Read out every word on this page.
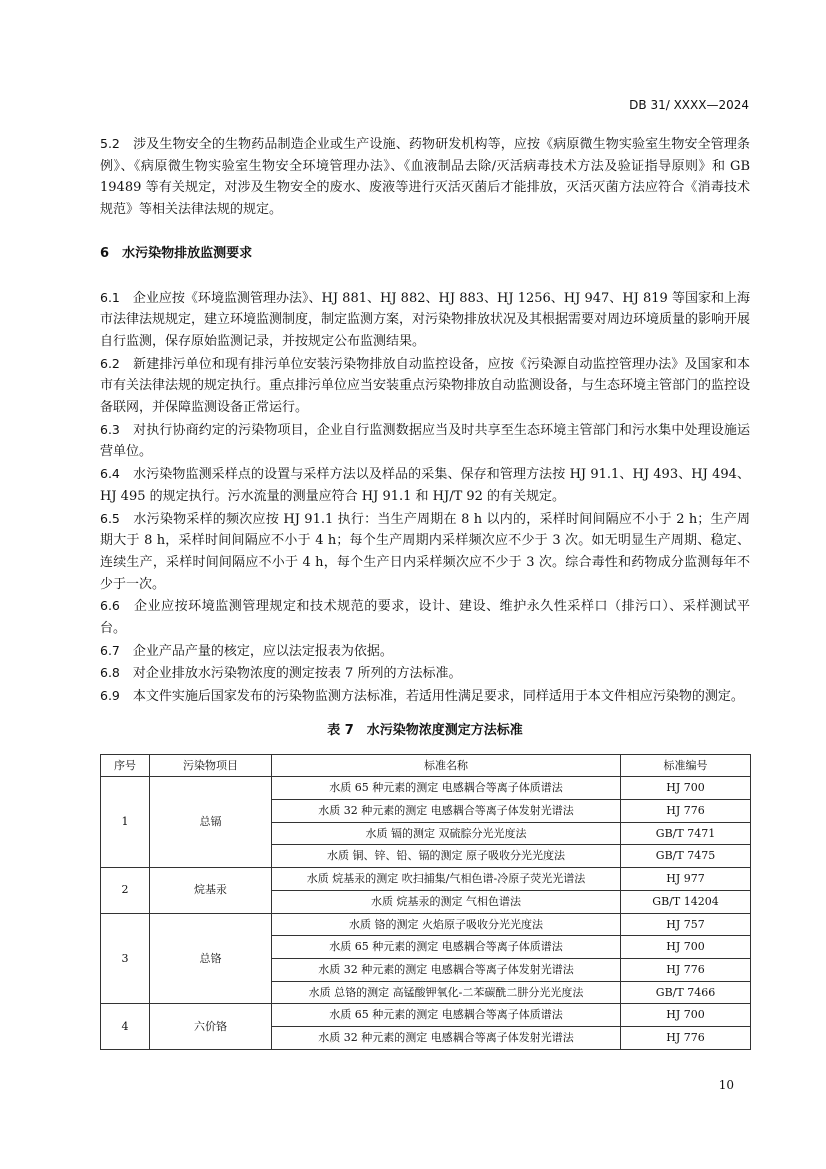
DB 31/ XXXX—2024

5.2　 涉及生物安全的生物药品制造企业或生产设施、药物研发机构等，应按《病原微生物实验室生物安全管理条例》、《病原微生物实验室生物安全环境管理办法》、《血液制品去除/灭活病毒技术方法及验证指导原则》和 GB 19489 等有关规定，对涉及生物安全的废水、废液等进行灭活灭菌后才能排放，灭活灭菌方法应符合《消毒技术规范》等相关法律法规的规定。

6　 水污染物排放监测要求

6.1　 企业应按《环境监测管理办法》、HJ 881、HJ 882、HJ 883、HJ 1256、HJ 947、HJ 819 等国家和上海市法律法规规定，建立环境监测制度，制定监测方案，对污染物排放状况及其根据需要对周边环境质量的影响开展自行监测，保存原始监测记录，并按规定公布监测结果。

6.2　 新建排污单位和现有排污单位安装污染物排放自动监控设备，应按《污染源自动监控管理办法》及国家和本市有关法律法规的规定执行。重点排污单位应当安装重点污染物排放自动监测设备，与生态环境主管部门的监控设备联网，并保障监测设备正常运行。

6.3　 对执行协商约定的污染物项目，企业自行监测数据应当及时共享至生态环境主管部门和污水集中处理设施运营单位。

6.4　 水污染物监测采样点的设置与采样方法以及样品的采集、保存和管理方法按 HJ 91.1、HJ 493、HJ 494、HJ 495 的规定执行。污水流量的测量应符合 HJ 91.1 和 HJ/T 92 的有关规定。

6.5　 水污染物采样的频次应按 HJ 91.1 执行：当生产周期在 8 h 以内的，采样时间间隔应不小于 2 h；生产周期大于 8 h，采样时间间隔应不小于 4 h；每个生产周期内采样频次应不少于 3 次。如无明显生产周期、稳定、连续生产，采样时间间隔应不小于 4 h，每个生产日内采样频次应不少于 3 次。综合毒性和药物成分监测每年不少于一次。

6.6　 企业应按环境监测管理规定和技术规范的要求，设计、建设、维护永久性采样口（排污口）、采样测试平台。

6.7　 企业产品产量的核定，应以法定报表为依据。

6.8　 对企业排放水污染物浓度的测定按表 7 所列的方法标准。

6.9　 本文件实施后国家发布的污染物监测方法标准，若适用性满足要求，同样适用于本文件相应污染物的测定。

表 7　水污染物浓度测定方法标准
序号	污染物项目	标准名称	标准编号
1	总镉	水质 65 种元素的测定 电感耦合等离子体质谱法	HJ 700
		水质 32 种元素的测定 电感耦合等离子体发射光谱法	HJ 776
		水质 镉的测定 双硫腙分光光度法	GB/T 7471
		水质 铜、锌、铅、镉的测定 原子吸收分光光度法	GB/T 7475
2	烷基汞	水质 烷基汞的测定 吹扫捕集/气相色谱-冷原子荧光光谱法	HJ 977
		水质 烷基汞的测定 气相色谱法	GB/T 14204
3	总铬	水质 铬的测定 火焰原子吸收分光光度法	HJ 757
		水质 65 种元素的测定 电感耦合等离子体质谱法	HJ 700
		水质 32 种元素的测定 电感耦合等离子体发射光谱法	HJ 776
		水质 总铬的测定 高锰酸钾氧化-二苯碳酰二肼分光光度法	GB/T 7466
4	六价铬	水质 65 种元素的测定 电感耦合等离子体质谱法	HJ 700
		水质 32 种元素的测定 电感耦合等离子体发射光谱法	HJ 776
10
